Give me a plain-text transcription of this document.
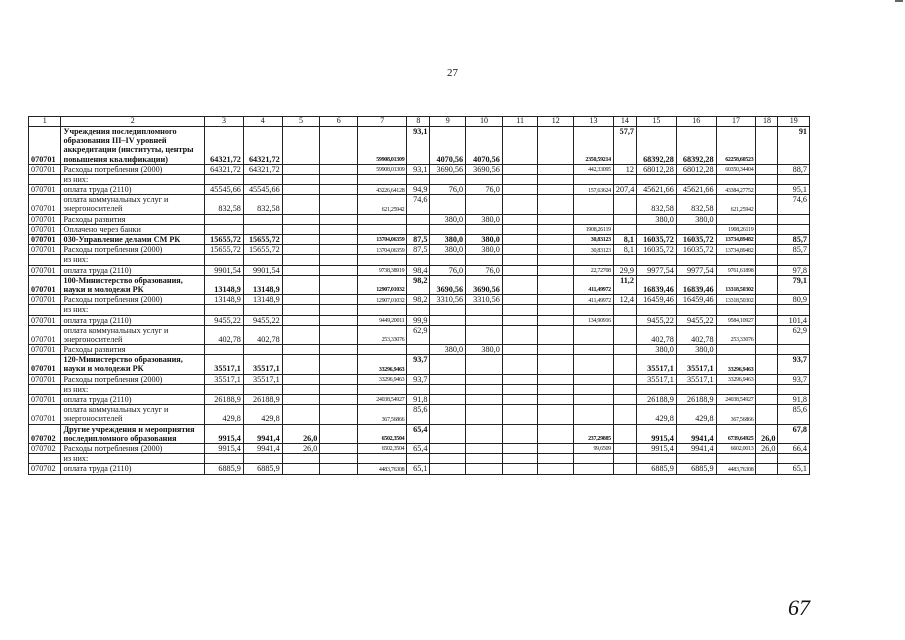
27
1	2	3	4	5	6	7	8	9	10	11	12	13	14	15	16	17	18	19
070701	Учреждения последипломного образования III–IV уровней аккредитации (институты, центры повышения квалификации)	64321,72	64321,72			59908,01309	93,1	4070,56	4070,56			2350,59214	57,7	68392,28	68392,28	62258,60523		91
070701	Расходы потребления (2000)	64321,72	64321,72			59908,01309	93,1	3690,56	3690,56			442,33095	12	68012,28	68012,28	60350,34404		88,7
	из них:																	
070701	оплата труда (2110)	45545,66	45545,66			43226,64128	94,9	76,0	76,0			157,63624	207,4	45621,66	45621,66	43384,27752		95,1
070701	оплата коммунальных услуг и энергоносителей	832,58	832,58			621,25942	74,6							832,58	832,58	621,25942		74,6
070701	Расходы развития							380,0	380,0					380,0	380,0			
070701	Оплачено через банки											1908,26119				1908,26119		
070701	030-Управление делами СМ РК	15655,72	15655,72			13704,06359	87,5	380,0	380,0			30,83123	8,1	16035,72	16035,72	13734,89482		85,7
070701	Расходы потребления (2000)	15655,72	15655,72			13704,06359	87,5	380,0	380,0			30,83123	8,1	16035,72	16035,72	13734,89482		85,7
	из них:																	
070701	оплата труда (2110)	9901,54	9901,54			9738,38919	98,4	76,0	76,0			22,72708	29,9	9977,54	9977,54	9761,61898		97,8
070701	100-Министерство образования, науки и молодежи РК	13148,9	13148,9			12907,01032	98,2	3690,56	3690,56			411,49972	11,2	16839,46	16839,46	13318,50302		79,1
070701	Расходы потребления (2000)	13148,9	13148,9			12907,01032	98,2	3310,56	3310,56			411,49972	12,4	16459,46	16459,46	13318,50302		80,9
	из них:																	
070701	оплата труда (2110)	9455,22	9455,22			9449,20011	99,9					134,90916		9455,22	9455,22	9584,10927		101,4
070701	оплата коммунальных услуг и энергоносителей	402,78	402,78			253,33076	62,9							402,78	402,78	253,33076		62,9
070701	Расходы развития							380,0	380,0					380,0	380,0			
070701	120-Министерство образования, науки и молодежи РК	35517,1	35517,1			33296,9463	93,7							35517,1	35517,1	33296,9463		93,7
070701	Расходы потребления (2000)	35517,1	35517,1			33296,9463	93,7							35517,1	35517,1	33296,9463		93,7
	из них:																	
070701	оплата труда (2110)	26188,9	26188,9			24038,54927	91,8							26188,9	26188,9	24038,54927		91,8
070701	оплата коммунальных услуг и энергоносителей	429,8	429,8			367,56866	85,6							429,8	429,8	367,56866		85,6
070702	Другие учреждения и мероприятия последипломного образования	9915,4	9941,4	26,0		6502,3504	65,4					237,29885		9915,4	9941,4	6739,64925	26,0	67,8
070702	Расходы потребления (2000)	9915,4	9941,4	26,0		6502,3504	65,4					99,6509		9915,4	9941,4	6602,0013	26,0	66,4
	из них:																	
070702	оплата труда (2110)	6885,9	6885,9			4483,76308	65,1							6885,9	6885,9	4483,76308		65,1
67
